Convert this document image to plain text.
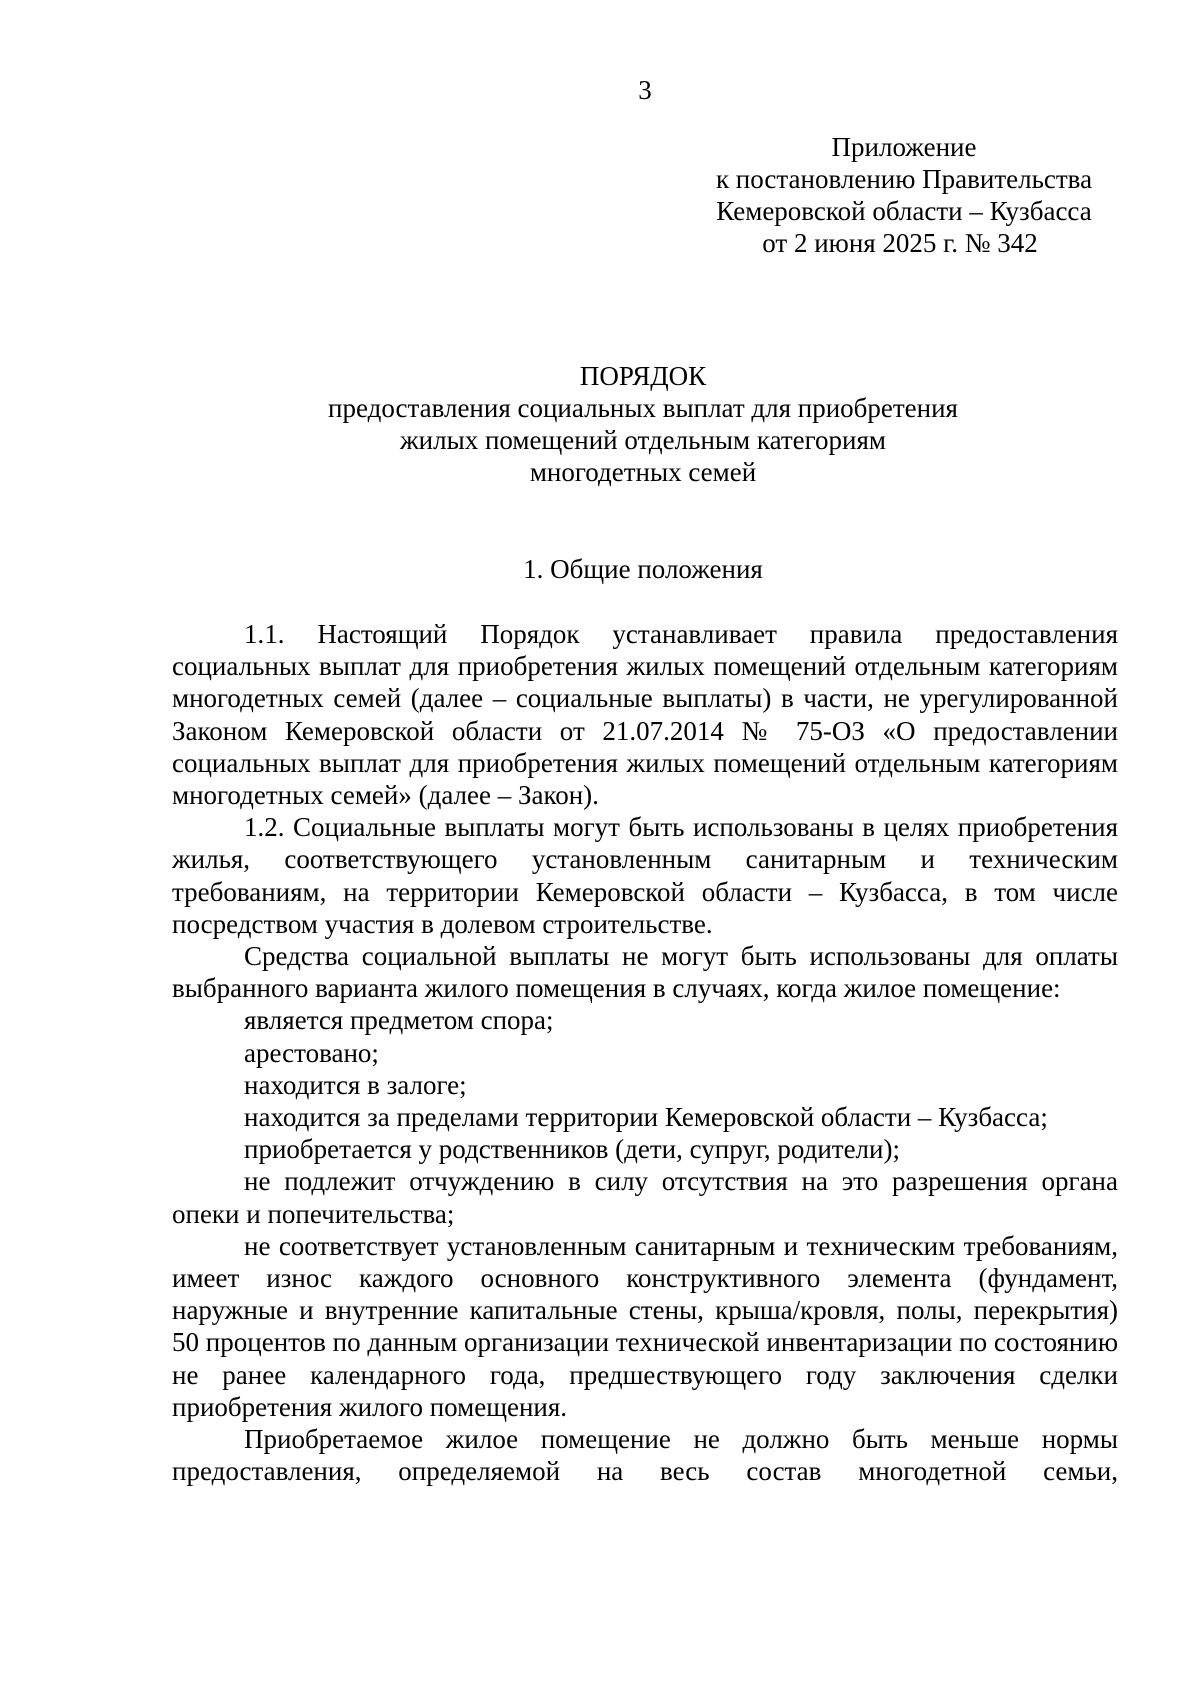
3
Приложение
к постановлению Правительства
Кемеровской области – Кузбасса
от 2 июня 2025 г. № 342
ПОРЯДОК
предоставления социальных выплат для приобретения
жилых помещений отдельным категориям
многодетных семей
1. Общие положения

1.1. Настоящий Порядок устанавливает правила предоставления социальных выплат для приобретения жилых помещений отдельным категориям многодетных семей (далее – социальные выплаты) в части, не урегулированной Законом Кемеровской области от 21.07.2014 № 75-ОЗ «О предоставлении социальных выплат для приобретения жилых помещений отдельным категориям многодетных семей» (далее – Закон).

1.2. Социальные выплаты могут быть использованы в целях приобретения жилья, соответствующего установленным санитарным и техническим требованиям, на территории Кемеровской области – Кузбасса, в том числе посредством участия в долевом строительстве.

Средства социальной выплаты не могут быть использованы для оплаты выбранного варианта жилого помещения в случаях, когда жилое помещение:

является предметом спора;

арестовано;

находится в залоге;

находится за пределами территории Кемеровской области – Кузбасса;

приобретается у родственников (дети, супруг, родители);

не подлежит отчуждению в силу отсутствия на это разрешения органа опеки и попечительства;

не соответствует установленным санитарным и техническим требованиям, имеет износ каждого основного конструктивного элемента (фундамент, наружные и внутренние капитальные стены, крыша/кровля, полы, перекрытия) 50 процентов по данным организации технической инвентаризации по состоянию не ранее календарного года, предшествующего году заключения сделки приобретения жилого помещения.

Приобретаемое жилое помещение не должно быть меньше нормы предоставления, определяемой на весь состав многодетной семьи,
